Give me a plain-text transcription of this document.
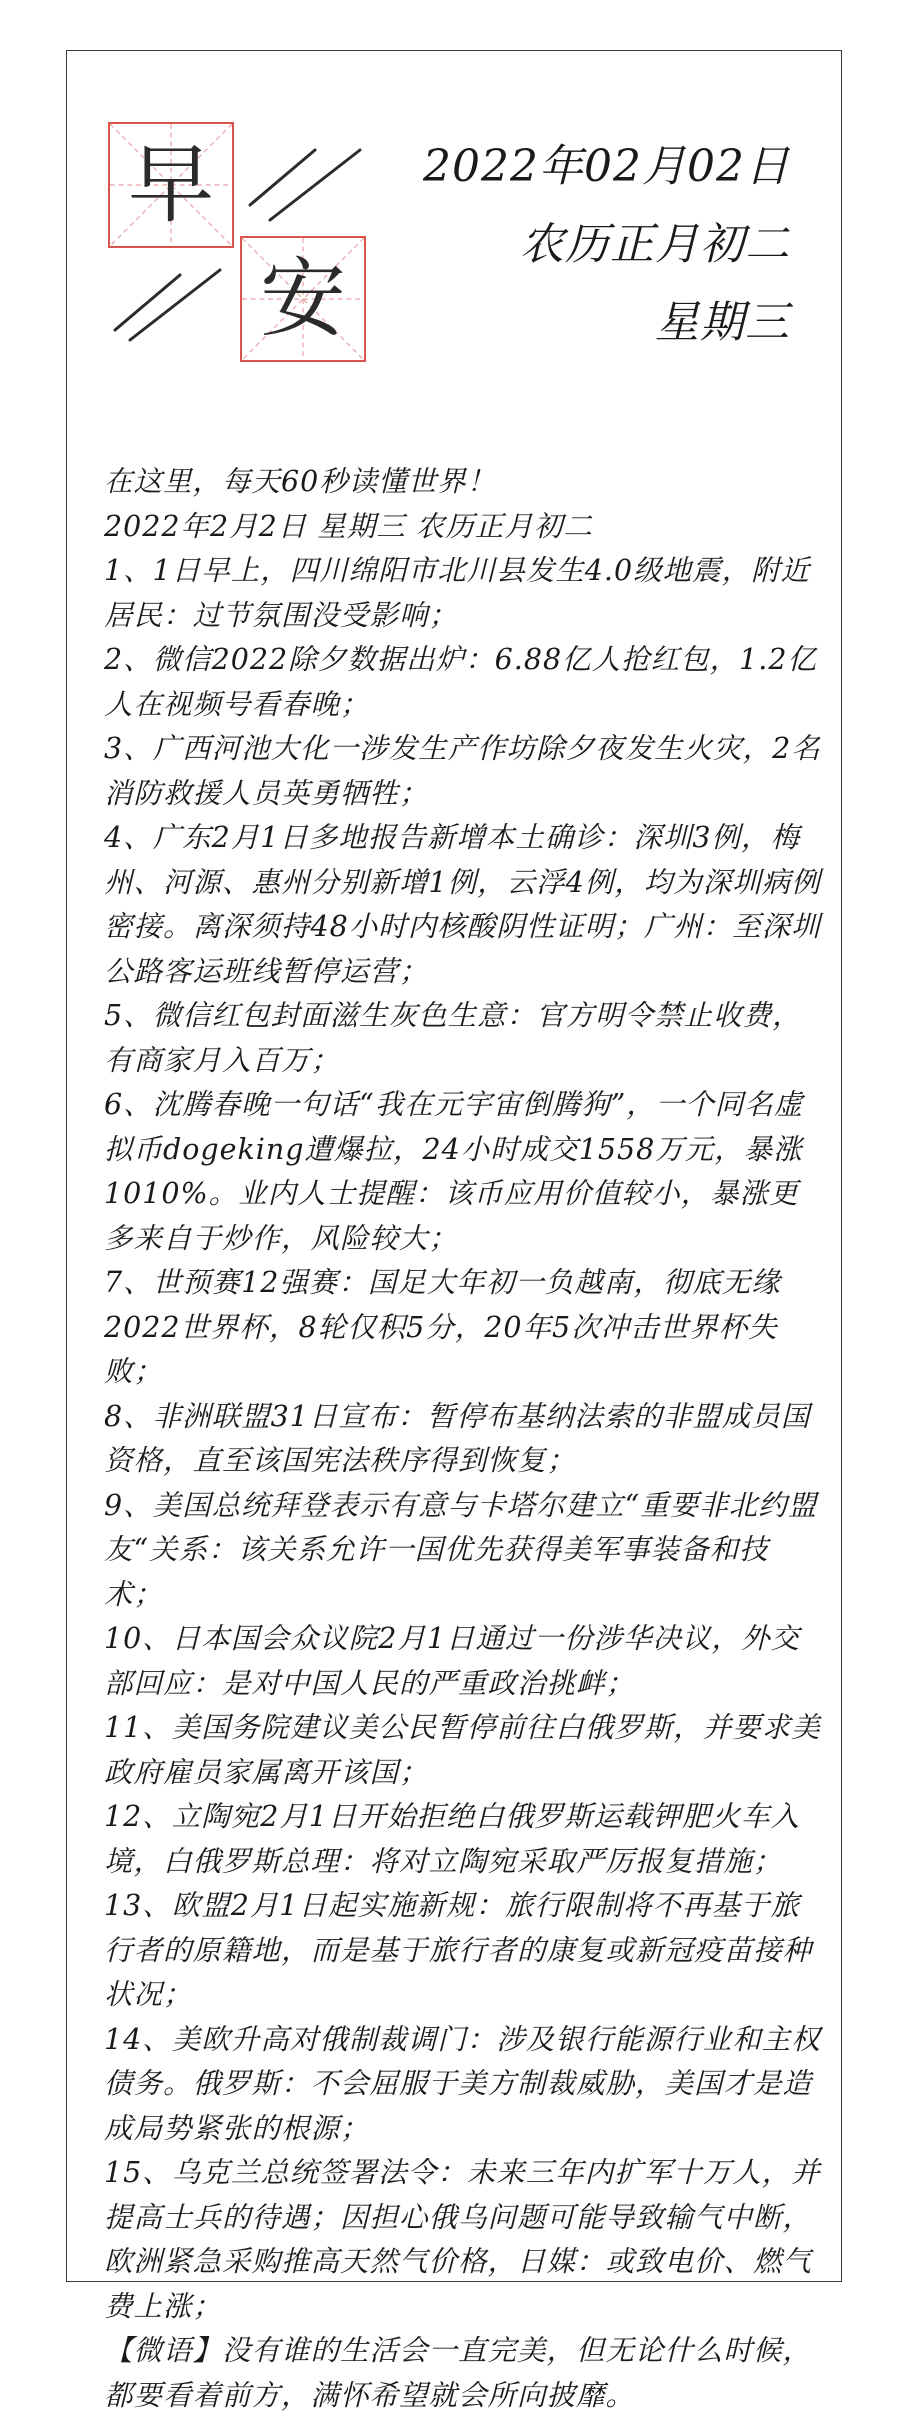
早
安
2022年02月02日
农历正月初二
星期三

在这里，每天60秒读懂世界！

2022年2月2日 星期三 农历正月初二

1、1日早上，四川绵阳市北川县发生4.0级地震，附近居民：过节氛围没受影响；

2、微信2022除夕数据出炉：6.88亿人抢红包，1.2亿人在视频号看春晚；

3、广西河池大化一涉发生产作坊除夕夜发生火灾，2名消防救援人员英勇牺牲；

4、广东2月1日多地报告新增本土确诊：深圳3例，梅州、河源、惠州分别新增1例，云浮4例，均为深圳病例密接。离深须持48小时内核酸阴性证明；广州：至深圳公路客运班线暂停运营；

5、微信红包封面滋生灰色生意：官方明令禁止收费，有商家月入百万；

6、沈腾春晚一句话“我在元宇宙倒腾狗”，一个同名虚拟币dogeking遭爆拉，24小时成交1558万元，暴涨1010%。业内人士提醒：该币应用价值较小，暴涨更多来自于炒作，风险较大；

7、世预赛12强赛：国足大年初一负越南，彻底无缘2022世界杯，8轮仅积5分，20年5次冲击世界杯失败；

8、非洲联盟31日宣布：暂停布基纳法索的非盟成员国资格，直至该国宪法秩序得到恢复；

9、美国总统拜登表示有意与卡塔尔建立“重要非北约盟友“关系：该关系允许一国优先获得美军事装备和技术；

10、日本国会众议院2月1日通过一份涉华决议，外交部回应：是对中国人民的严重政治挑衅；

11、美国务院建议美公民暂停前往白俄罗斯，并要求美政府雇员家属离开该国；

12、立陶宛2月1日开始拒绝白俄罗斯运载钾肥火车入境，白俄罗斯总理：将对立陶宛采取严厉报复措施；

13、欧盟2月1日起实施新规：旅行限制将不再基于旅行者的原籍地，而是基于旅行者的康复或新冠疫苗接种状况；

14、美欧升高对俄制裁调门：涉及银行能源行业和主权债务。俄罗斯：不会屈服于美方制裁威胁，美国才是造成局势紧张的根源；

15、乌克兰总统签署法令：未来三年内扩军十万人，并提高士兵的待遇；因担心俄乌问题可能导致输气中断，欧洲紧急采购推高天然气价格，日媒：或致电价、燃气费上涨；

【微语】没有谁的生活会一直完美，但无论什么时候，都要看着前方，满怀希望就会所向披靡。
